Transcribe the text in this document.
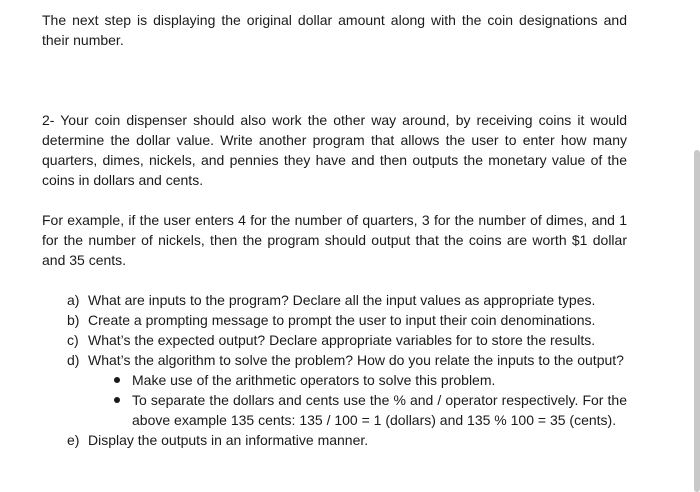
The next step is displaying the original dollar amount along with the coin designations and their number.

2- Your coin dispenser should also work the other way around, by receiving coins it would determine the dollar value. Write another program that allows the user to enter how many quarters, dimes, nickels, and pennies they have and then outputs the monetary value of the coins in dollars and cents.

For example, if the user enters 4 for the number of quarters, 3 for the number of dimes, and 1 for the number of nickels, then the program should output that the coins are worth $1 dollar and 35 cents.

a) What are inputs to the program? Declare all the input values as appropriate types.
b) Create a prompting message to prompt the user to input their coin denominations.
c) What’s the expected output? Declare appropriate variables for to store the results.
d) What’s the algorithm to solve the problem? How do you relate the inputs to the output?
Make use of the arithmetic operators to solve this problem.
To separate the dollars and cents use the % and / operator respectively. For the above example 135 cents: 135 / 100 = 1 (dollars) and 135 % 100 = 35 (cents).
e) Display the outputs in an informative manner.
